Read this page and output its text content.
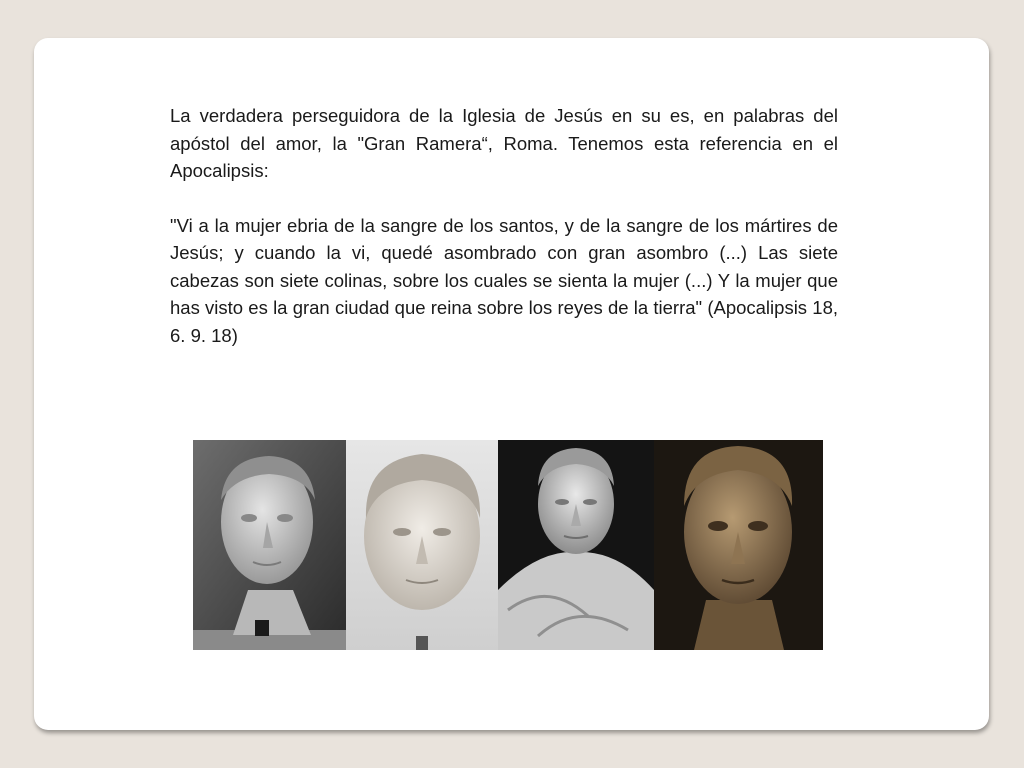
La verdadera perseguidora de la Iglesia de Jesús en su es, en palabras del apóstol del amor, la "Gran Ramera“, Roma. Tenemos esta referencia en el Apocalipsis:

"Vi a la mujer ebria de la sangre de los santos, y de la sangre de los mártires de Jesús; y cuando la vi, quedé asombrado con gran asombro (...) Las siete cabezas son siete colinas, sobre los cuales se sienta la mujer (...) Y la mujer que has visto es la gran ciudad que reina sobre los reyes de la tierra" (Apocalipsis 18, 6. 9. 18)
